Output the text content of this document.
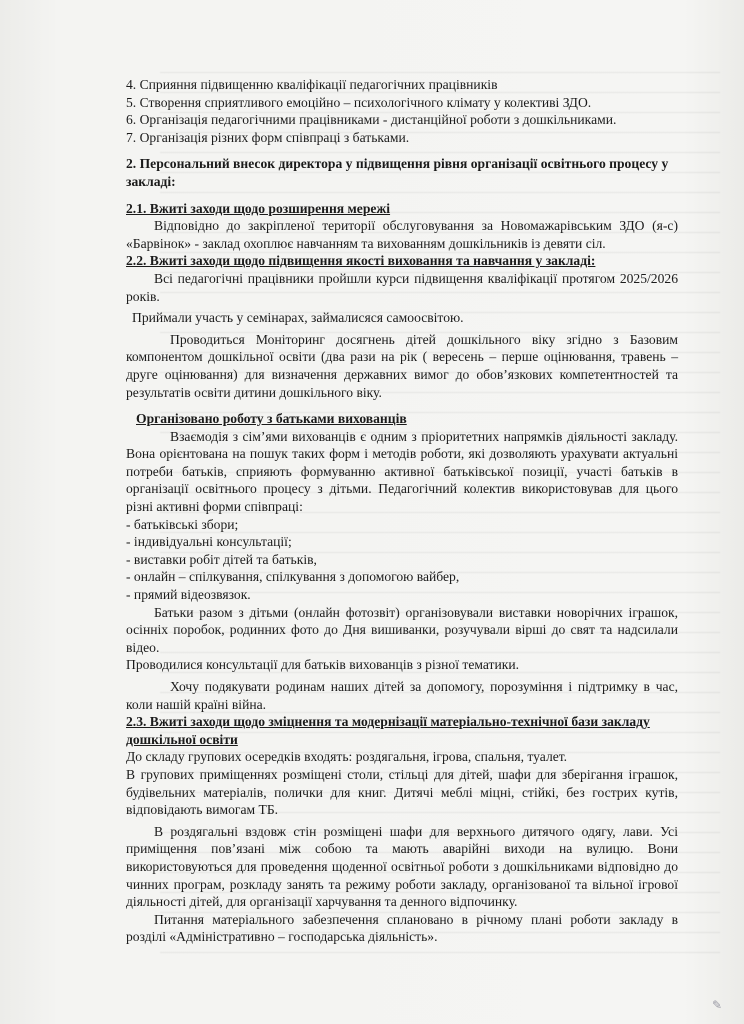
4. Сприяння підвищенню кваліфікації педагогічних працівників

5. Створення сприятливого емоційно – психологічного клімату у колективі ЗДО.

6. Організація педагогічними працівниками - дистанційної роботи з дошкільниками.

7. Організація різних форм співпраці з батьками.

2. Персональний внесок директора у підвищення рівня організації освітнього процесу у закладі:

2.1. Вжиті заходи щодо розширення мережі

Відповідно до закріпленої території обслуговування за Новомажарівським ЗДО (я-с) «Барвінок» - заклад охоплює навчанням та вихованням дошкільників із девяти сіл.

2.2. Вжиті заходи щодо підвищення якості виховання та навчання у закладі:

Всі педагогічні працівники пройшли курси підвищення кваліфікації протягом 2025/2026 років.

Приймали участь у семінарах, займалисяся самоосвітою.

Проводиться Моніторинг досягнень дітей дошкільного віку згідно з Базовим компонентом дошкільної освіти (два рази на рік ( вересень – перше оцінювання, травень – друге оцінювання) для визначення державних вимог до обов’язкових компетентностей та результатів освіти дитини дошкільного віку.

Організовано роботу з батьками вихованців

Взаємодія з сім’ями вихованців є одним з пріоритетних напрямків діяльності закладу. Вона орієнтована на пошук таких форм і методів роботи, які дозволяють урахувати актуальні потреби батьків, сприяють формуванню активної батьківської позиції, участі батьків в організації освітнього процесу з дітьми. Педагогічний колектив використовував для цього різні активні форми співпраці:

- батьківські збори;

- індивідуальні консультації;

- виставки робіт дітей та батьків,

- онлайн – спілкування, спілкування з допомогою вайбер,

- прямий відеозвязок.

Батьки разом з дітьми (онлайн фотозвіт) організовували виставки новорічних іграшок, осінніх поробок, родинних фото до Дня вишиванки, розучували вірші до свят та надсилали відео.

Проводилися консультації для батьків вихованців з різної тематики.

Хочу подякувати родинам наших дітей за допомогу, порозуміння і підтримку в час, коли нашій країні війна.

2.3. Вжиті заходи щодо зміцнення та модернізації матеріально-технічної бази закладу дошкільної освіти

До складу групових осередків входять: роздягальня, ігрова, спальня, туалет.

В групових приміщеннях розміщені столи, стільці для дітей, шафи для зберігання іграшок, будівельних матеріалів, полички для книг. Дитячі меблі міцні, стійкі, без гострих кутів, відповідають вимогам ТБ.

В роздягальні вздовж стін розміщені шафи для верхнього дитячого одягу, лави. Усі приміщення пов’язані між собою та мають аварійні виходи на вулицю. Вони використовуються для проведення щоденної освітньої роботи з дошкільниками відповідно до чинних програм, розкладу занять та режиму роботи закладу, організованої та вільної ігрової діяльності дітей, для організації харчування та денного відпочинку.

Питання матеріального забезпечення сплановано в річному плані роботи закладу в розділі «Адміністративно – господарська діяльність».

✎
